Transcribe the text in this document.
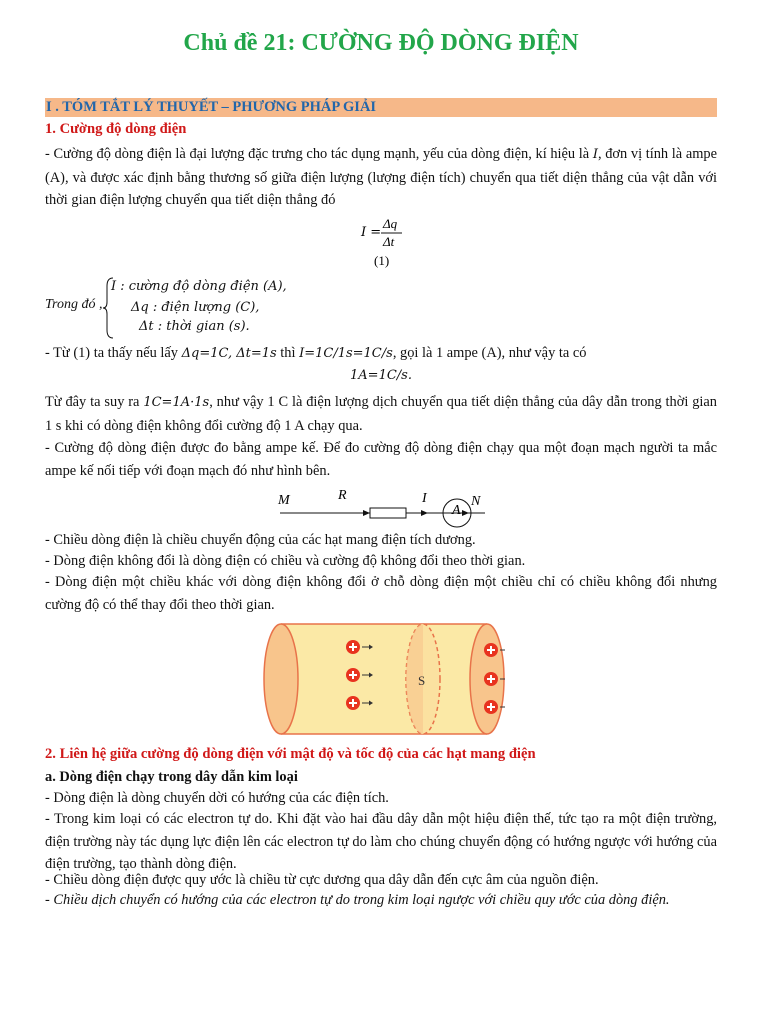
Chủ đề 21: CƯỜNG ĐỘ DÒNG ĐIỆN
I . TÓM TẮT LÝ THUYẾT – PHƯƠNG PHÁP GIẢI
1. Cường độ dòng điện
- Cường độ dòng điện là đại lượng đặc trưng cho tác dụng mạnh, yếu của dòng điện, kí hiệu là I, đơn vị tính là ampe (A), và được xác định bằng thương số giữa điện lượng (lượng điện tích) chuyển qua tiết diện thẳng của vật dẫn với thời gian điện lượng chuyển qua tiết diện thẳng đó
I =
Δq
Δt
(1)
Trong đó ,
I : cường độ dòng điện (A),
Δq : điện lượng (C),
Δt : thời gian (s).
- Từ (1) ta thấy nếu lấy Δq=1C, Δt=1s thì I=1C/1s=1C/s, gọi là 1 ampe (A), như vậy ta có
1A=1C/s.
Từ đây ta suy ra 1C=1A·1s, như vậy 1 C là điện lượng dịch chuyển qua tiết diện thẳng của dây dẫn trong thời gian 1 s khi có dòng điện không đổi cường độ 1 A chạy qua.
- Cường độ dòng điện được đo bằng ampe kế. Để đo cường độ dòng điện chạy qua một đoạn mạch người ta mắc ampe kế nối tiếp với đoạn mạch đó như hình bên.
M	R	I	N
A
- Chiều dòng điện là chiều chuyển động của các hạt mang điện tích dương.
- Dòng điện không đổi là dòng điện có chiều và cường độ không đổi theo thời gian.
- Dòng điện một chiều khác với dòng điện không đổi ở chỗ dòng điện một chiều chỉ có chiều không đổi nhưng cường độ có thể thay đổi theo thời gian.
S
2. Liên hệ giữa cường độ dòng điện với mật độ và tốc độ của các hạt mang điện
a. Dòng điện chạy trong dây dẫn kim loại
- Dòng điện là dòng chuyển dời có hướng của các điện tích.
- Trong kim loại có các electron tự do. Khi đặt vào hai đầu dây dẫn một hiệu điện thế, tức tạo ra một điện trường, điện trường này tác dụng lực điện lên các electron tự do làm cho chúng chuyển động có hướng ngược với hướng của điện trường, tạo thành dòng điện.
- Chiều dòng điện được quy ước là chiều từ cực dương qua dây dẫn đến cực âm của nguồn điện.
- Chiều dịch chuyển có hướng của các electron tự do trong kim loại ngược với chiều quy ước của dòng điện.
